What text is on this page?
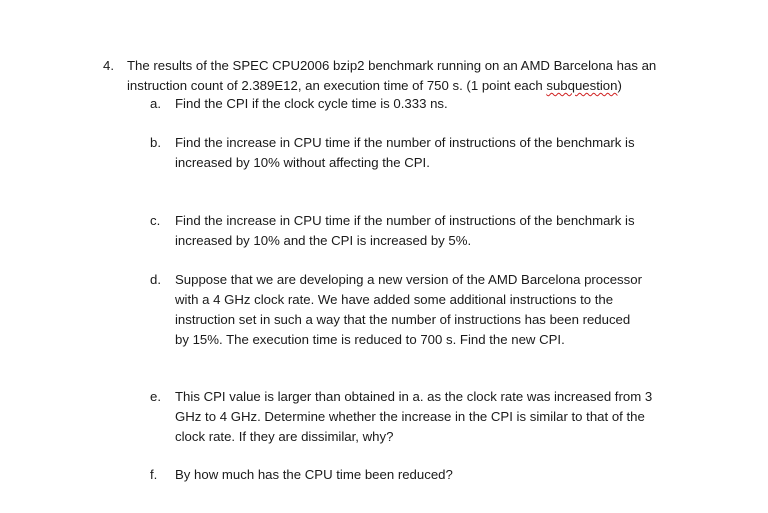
4. The results of the SPEC CPU2006 bzip2 benchmark running on an AMD Barcelona has an
instruction count of 2.389E12, an execution time of 750 s. (1 point each subquestion)
a. Find the CPI if the clock cycle time is 0.333 ns.
b. Find the increase in CPU time if the number of instructions of the benchmark is
increased by 10% without affecting the CPI.
c. Find the increase in CPU time if the number of instructions of the benchmark is
increased by 10% and the CPI is increased by 5%.
d. Suppose that we are developing a new version of the AMD Barcelona processor
with a 4 GHz clock rate. We have added some additional instructions to the
instruction set in such a way that the number of instructions has been reduced
by 15%. The execution time is reduced to 700 s. Find the new CPI.
e. This CPI value is larger than obtained in a. as the clock rate was increased from 3
GHz to 4 GHz. Determine whether the increase in the CPI is similar to that of the
clock rate. If they are dissimilar, why?
f. By how much has the CPU time been reduced?
